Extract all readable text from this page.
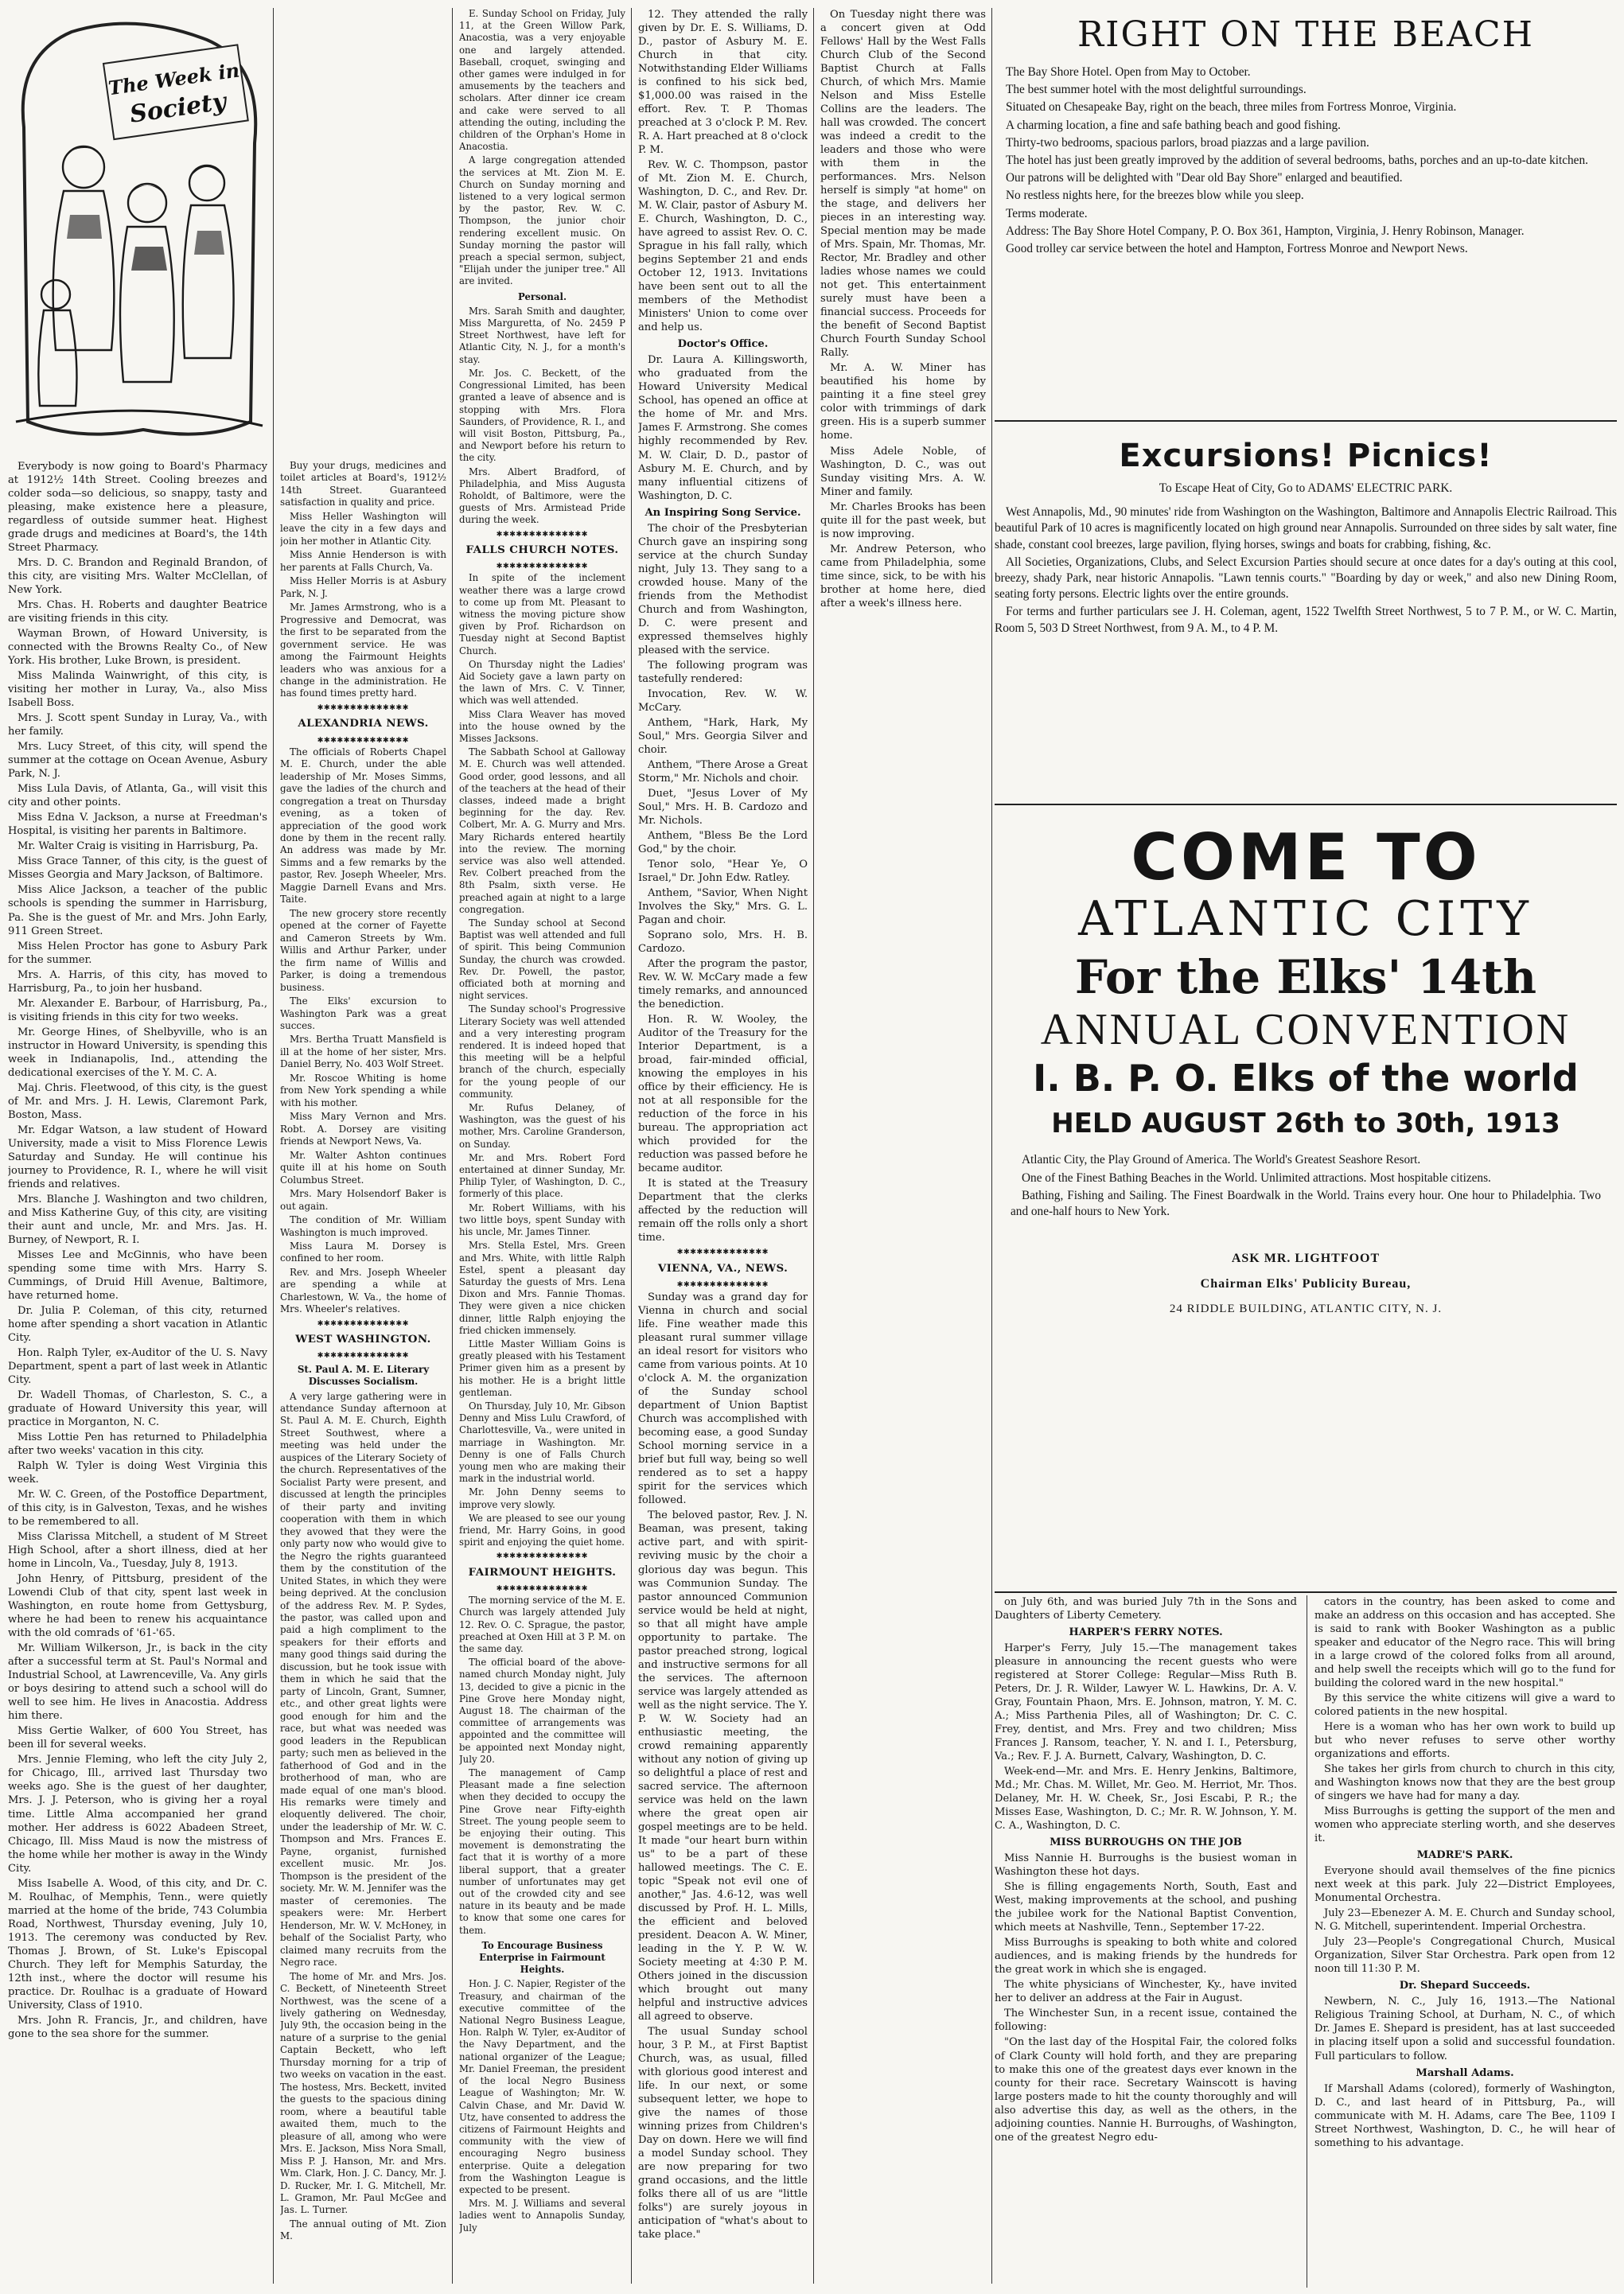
The Week in
Society

Everybody is now going to Board's Pharmacy at 1912½ 14th Street. Cooling breezes and colder soda—so delicious, so snappy, tasty and pleasing, make existence here a pleasure, regardless of outside summer heat. Highest grade drugs and medicines at Board's, the 14th Street Pharmacy.

Mrs. D. C. Brandon and Reginald Brandon, of this city, are visiting Mrs. Walter McClellan, of New York.

Mrs. Chas. H. Roberts and daughter Beatrice are visiting friends in this city.

Wayman Brown, of Howard University, is connected with the Browns Realty Co., of New York. His brother, Luke Brown, is president.

Miss Malinda Wainwright, of this city, is visiting her mother in Luray, Va., also Miss Isabell Boss.

Mrs. J. Scott spent Sunday in Luray, Va., with her family.

Mrs. Lucy Street, of this city, will spend the summer at the cottage on Ocean Avenue, Asbury Park, N. J.

Miss Lula Davis, of Atlanta, Ga., will visit this city and other points.

Miss Edna V. Jackson, a nurse at Freedman's Hospital, is visiting her parents in Baltimore.

Mr. Walter Craig is visiting in Harrisburg, Pa.

Miss Grace Tanner, of this city, is the guest of Misses Georgia and Mary Jackson, of Baltimore.

Miss Alice Jackson, a teacher of the public schools is spending the summer in Harrisburg, Pa. She is the guest of Mr. and Mrs. John Early, 911 Green Street.

Miss Helen Proctor has gone to Asbury Park for the summer.

Mrs. A. Harris, of this city, has moved to Harrisburg, Pa., to join her husband.

Mr. Alexander E. Barbour, of Harrisburg, Pa., is visiting friends in this city for two weeks.

Mr. George Hines, of Shelbyville, who is an instructor in Howard University, is spending this week in Indianapolis, Ind., attending the dedicational exercises of the Y. M. C. A.

Maj. Chris. Fleetwood, of this city, is the guest of Mr. and Mrs. J. H. Lewis, Claremont Park, Boston, Mass.

Mr. Edgar Watson, a law student of Howard University, made a visit to Miss Florence Lewis Saturday and Sunday. He will continue his journey to Providence, R. I., where he will visit friends and relatives.

Mrs. Blanche J. Washington and two children, and Miss Katherine Guy, of this city, are visiting their aunt and uncle, Mr. and Mrs. Jas. H. Burney, of Newport, R. I.

Misses Lee and McGinnis, who have been spending some time with Mrs. Harry S. Cummings, of Druid Hill Avenue, Baltimore, have returned home.

Dr. Julia P. Coleman, of this city, returned home after spending a short vacation in Atlantic City.

Hon. Ralph Tyler, ex-Auditor of the U. S. Navy Department, spent a part of last week in Atlantic City.

Dr. Wadell Thomas, of Charleston, S. C., a graduate of Howard University this year, will practice in Morganton, N. C.

Miss Lottie Pen has returned to Philadelphia after two weeks' vacation in this city.

Ralph W. Tyler is doing West Virginia this week.

Mr. W. C. Green, of the Postoffice Department, of this city, is in Galveston, Texas, and he wishes to be remembered to all.

Miss Clarissa Mitchell, a student of M Street High School, after a short illness, died at her home in Lincoln, Va., Tuesday, July 8, 1913.

John Henry, of Pittsburg, president of the Lowendi Club of that city, spent last week in Washington, en route home from Gettysburg, where he had been to renew his acquaintance with the old comrads of '61-'65.

Mr. William Wilkerson, Jr., is back in the city after a successful term at St. Paul's Normal and Industrial School, at Lawrenceville, Va. Any girls or boys desiring to attend such a school will do well to see him. He lives in Anacostia. Address him there.

Miss Gertie Walker, of 600 You Street, has been ill for several weeks.

Mrs. Jennie Fleming, who left the city July 2, for Chicago, Ill., arrived last Thursday two weeks ago. She is the guest of her daughter, Mrs. J. J. Peterson, who is giving her a royal time. Little Alma accompanied her grand mother. Her address is 6022 Abadeen Street, Chicago, Ill. Miss Maud is now the mistress of the home while her mother is away in the Windy City.

Miss Isabelle A. Wood, of this city, and Dr. C. M. Roulhac, of Memphis, Tenn., were quietly married at the home of the bride, 743 Columbia Road, Northwest, Thursday evening, July 10, 1913. The ceremony was conducted by Rev. Thomas J. Brown, of St. Luke's Episcopal Church. They left for Memphis Saturday, the 12th inst., where the doctor will resume his practice. Dr. Roulhac is a graduate of Howard University, Class of 1910.

Mrs. John R. Francis, Jr., and children, have gone to the sea shore for the summer.

Buy your drugs, medicines and toilet articles at Board's, 1912½ 14th Street. Guaranteed satisfaction in quality and price.

Miss Heller Washington will leave the city in a few days and join her mother in Atlantic City.

Miss Annie Henderson is with her parents at Falls Church, Va.

Miss Heller Morris is at Asbury Park, N. J.

Mr. James Armstrong, who is a Progressive and Democrat, was the first to be separated from the government service. He was among the Fairmount Heights leaders who was anxious for a change in the administration. He has found times pretty hard.

✱✱✱✱✱✱✱✱✱✱✱✱✱✱

ALEXANDRIA NEWS.

✱✱✱✱✱✱✱✱✱✱✱✱✱✱

The officials of Roberts Chapel M. E. Church, under the able leadership of Mr. Moses Simms, gave the ladies of the church and congregation a treat on Thursday evening, as a token of appreciation of the good work done by them in the recent rally. An address was made by Mr. Simms and a few remarks by the pastor, Rev. Joseph Wheeler, Mrs. Maggie Darnell Evans and Mrs. Taite.

The new grocery store recently opened at the corner of Fayette and Cameron Streets by Wm. Willis and Arthur Parker, under the firm name of Willis and Parker, is doing a tremendous business.

The Elks' excursion to Washington Park was a great succes.

Mrs. Bertha Truatt Mansfield is ill at the home of her sister, Mrs. Daniel Berry, No. 403 Wolf Street.

Mr. Roscoe Whiting is home from New York spending a while with his mother.

Miss Mary Vernon and Mrs. Robt. A. Dorsey are visiting friends at Newport News, Va.

Mr. Walter Ashton continues quite ill at his home on South Columbus Street.

Mrs. Mary Holsendorf Baker is out again.

The condition of Mr. William Washington is much improved.

Miss Laura M. Dorsey is confined to her room.

Rev. and Mrs. Joseph Wheeler are spending a while at Charlestown, W. Va., the home of Mrs. Wheeler's relatives.

✱✱✱✱✱✱✱✱✱✱✱✱✱✱

WEST WASHINGTON.

✱✱✱✱✱✱✱✱✱✱✱✱✱✱

St. Paul A. M. E. Literary Discusses Socialism.

A very large gathering were in attendance Sunday afternoon at St. Paul A. M. E. Church, Eighth Street Southwest, where a meeting was held under the auspices of the Literary Society of the church. Representatives of the Socialist Party were present, and discussed at length the principles of their party and inviting cooperation with them in which they avowed that they were the only party now who would give to the Negro the rights guaranteed them by the constitution of the United States, in which they were being deprived. At the conclusion of the address Rev. M. P. Sydes, the pastor, was called upon and paid a high compliment to the speakers for their efforts and many good things said during the discussion, but he took issue with them in which he said that the party of Lincoln, Grant, Sumner, etc., and other great lights were good enough for him and the race, but what was needed was good leaders in the Republican party; such men as believed in the fatherhood of God and in the brotherhood of man, who are made equal of one man's blood. His remarks were timely and eloquently delivered. The choir, under the leadership of Mr. W. C. Thompson and Mrs. Frances E. Payne, organist, furnished excellent music. Mr. Jos. Thompson is the president of the society. Mr. W. M. Jennifer was the master of ceremonies. The speakers were: Mr. Herbert Henderson, Mr. W. V. McHoney, in behalf of the Socialist Party, who claimed many recruits from the Negro race.

The home of Mr. and Mrs. Jos. C. Beckett, of Nineteenth Street Northwest, was the scene of a lively gathering on Wednesday, July 9th, the occasion being in the nature of a surprise to the genial Captain Beckett, who left Thursday morning for a trip of two weeks on vacation in the east. The hostess, Mrs. Beckett, invited the guests to the spacious dining room, where a beautiful table awaited them, much to the pleasure of all, among who were Mrs. E. Jackson, Miss Nora Small, Miss P. J. Hanson, Mr. and Mrs. Wm. Clark, Hon. J. C. Dancy, Mr. J. D. Rucker, Mr. I. G. Mitchell, Mr. L. Gramon, Mr. Paul McGee and Jas. L. Turner.

The annual outing of Mt. Zion M.

E. Sunday School on Friday, July 11, at the Green Willow Park, Anacostia, was a very enjoyable one and largely attended. Baseball, croquet, swinging and other games were indulged in for amusements by the teachers and scholars. After dinner ice cream and cake were served to all attending the outing, including the children of the Orphan's Home in Anacostia.

A large congregation attended the services at Mt. Zion M. E. Church on Sunday morning and listened to a very logical sermon by the pastor, Rev. W. C. Thompson, the junior choir rendering excellent music. On Sunday morning the pastor will preach a special sermon, subject, "Elijah under the juniper tree." All are invited.

Personal.

Mrs. Sarah Smith and daughter, Miss Marguretta, of No. 2459 P Street Northwest, have left for Atlantic City, N. J., for a month's stay.

Mr. Jos. C. Beckett, of the Congressional Limited, has been granted a leave of absence and is stopping with Mrs. Flora Saunders, of Providence, R. I., and will visit Boston, Pittsburg, Pa., and Newport before his return to the city.

Mrs. Albert Bradford, of Philadelphia, and Miss Augusta Roholdt, of Baltimore, were the guests of Mrs. Armistead Pride during the week.

✱✱✱✱✱✱✱✱✱✱✱✱✱✱

FALLS CHURCH NOTES.

✱✱✱✱✱✱✱✱✱✱✱✱✱✱

In spite of the inclement weather there was a large crowd to come up from Mt. Pleasant to witness the moving picture show given by Prof. Richardson on Tuesday night at Second Baptist Church.

On Thursday night the Ladies' Aid Society gave a lawn party on the lawn of Mrs. C. V. Tinner, which was well attended.

Miss Clara Weaver has moved into the house owned by the Misses Jacksons.

The Sabbath School at Galloway M. E. Church was well attended. Good order, good lessons, and all of the teachers at the head of their classes, indeed made a bright beginning for the day. Rev. Colbert, Mr. A. G. Murry and Mrs. Mary Richards entered heartily into the review. The morning service was also well attended. Rev. Colbert preached from the 8th Psalm, sixth verse. He preached again at night to a large congregation.

The Sunday school at Second Baptist was well attended and full of spirit. This being Communion Sunday, the church was crowded. Rev. Dr. Powell, the pastor, officiated both at morning and night services.

The Sunday school's Progressive Literary Society was well attended and a very interesting program rendered. It is indeed hoped that this meeting will be a helpful branch of the church, especially for the young people of our community.

Mr. Rufus Delaney, of Washington, was the guest of his mother, Mrs. Caroline Granderson, on Sunday.

Mr. and Mrs. Robert Ford entertained at dinner Sunday, Mr. Philip Tyler, of Washington, D. C., formerly of this place.

Mr. Robert Williams, with his two little boys, spent Sunday with his uncle, Mr. James Tinner.

Mrs. Stella Estel, Mrs. Green and Mrs. White, with little Ralph Estel, spent a pleasant day Saturday the guests of Mrs. Lena Dixon and Mrs. Fannie Thomas. They were given a nice chicken dinner, little Ralph enjoying the fried chicken immensely.

Little Master William Goins is greatly pleased with his Testament Primer given him as a present by his mother. He is a bright little gentleman.

On Thursday, July 10, Mr. Gibson Denny and Miss Lulu Crawford, of Charlottesville, Va., were united in marriage in Washington. Mr. Denny is one of Falls Church young men who are making their mark in the industrial world.

Mr. John Denny seems to improve very slowly.

We are pleased to see our young friend, Mr. Harry Goins, in good spirit and enjoying the quiet home.

✱✱✱✱✱✱✱✱✱✱✱✱✱✱

FAIRMOUNT HEIGHTS.

✱✱✱✱✱✱✱✱✱✱✱✱✱✱

The morning service of the M. E. Church was largely attended July 12. Rev. O. C. Sprague, the pastor, preached at Oxen Hill at 3 P. M. on the same day.

The official board of the above-named church Monday night, July 13, decided to give a picnic in the Pine Grove here Monday night, August 18. The chairman of the committee of arrangements was appointed and the committee will be appointed next Monday night, July 20.

The management of Camp Pleasant made a fine selection when they decided to occupy the Pine Grove near Fifty-eighth Street. The young people seem to be enjoying their outing. This movement is demonstrating the fact that it is worthy of a more liberal support, that a greater number of unfortunates may get out of the crowded city and see nature in its beauty and be made to know that some one cares for them.

To Encourage Business Enterprise in Fairmount Heights.

Hon. J. C. Napier, Register of the Treasury, and chairman of the executive committee of the National Negro Business League, Hon. Ralph W. Tyler, ex-Auditor of the Navy Department, and the national organizer of the League; Mr. Daniel Freeman, the president of the local Negro Business League of Washington; Mr. W. Calvin Chase, and Mr. David W. Utz, have consented to address the citizens of Fairmount Heights and community with the view of encouraging Negro business enterprise. Quite a delegation from the Washington League is expected to be present.

Mrs. M. J. Williams and several ladies went to Annapolis Sunday, July

12. They attended the rally given by Dr. E. S. Williams, D. D., pastor of Asbury M. E. Church in that city. Notwithstanding Elder Williams is confined to his sick bed, $1,000.00 was raised in the effort. Rev. T. P. Thomas preached at 3 o'clock P. M. Rev. R. A. Hart preached at 8 o'clock P. M.

Rev. W. C. Thompson, pastor of Mt. Zion M. E. Church, Washington, D. C., and Rev. Dr. M. W. Clair, pastor of Asbury M. E. Church, Washington, D. C., have agreed to assist Rev. O. C. Sprague in his fall rally, which begins September 21 and ends October 12, 1913. Invitations have been sent out to all the members of the Methodist Ministers' Union to come over and help us.

Doctor's Office.

Dr. Laura A. Killingsworth, who graduated from the Howard University Medical School, has opened an office at the home of Mr. and Mrs. James F. Armstrong. She comes highly recommended by Rev. M. W. Clair, D. D., pastor of Asbury M. E. Church, and by many influential citizens of Washington, D. C.

An Inspiring Song Service.

The choir of the Presbyterian Church gave an inspiring song service at the church Sunday night, July 13. They sang to a crowded house. Many of the friends from the Methodist Church and from Washington, D. C. were present and expressed themselves highly pleased with the service.

The following program was tastefully rendered:

Invocation, Rev. W. W. McCary.

Anthem, "Hark, Hark, My Soul," Mrs. Georgia Silver and choir.

Anthem, "There Arose a Great Storm," Mr. Nichols and choir.

Duet, "Jesus Lover of My Soul," Mrs. H. B. Cardozo and Mr. Nichols.

Anthem, "Bless Be the Lord God," by the choir.

Tenor solo, "Hear Ye, O Israel," Dr. John Edw. Ratley.

Anthem, "Savior, When Night Involves the Sky," Mrs. G. L. Pagan and choir.

Soprano solo, Mrs. H. B. Cardozo.

After the program the pastor, Rev. W. W. McCary made a few timely remarks, and announced the benediction.

Hon. R. W. Wooley, the Auditor of the Treasury for the Interior Department, is a broad, fair-minded official, knowing the employes in his office by their efficiency. He is not at all responsible for the reduction of the force in his bureau. The appropriation act which provided for the reduction was passed before he became auditor.

It is stated at the Treasury Department that the clerks affected by the reduction will remain off the rolls only a short time.

✱✱✱✱✱✱✱✱✱✱✱✱✱✱

VIENNA, VA., NEWS.

✱✱✱✱✱✱✱✱✱✱✱✱✱✱

Sunday was a grand day for Vienna in church and social life. Fine weather made this pleasant rural summer village an ideal resort for visitors who came from various points. At 10 o'clock A. M. the organization of the Sunday school department of Union Baptist Church was accomplished with becoming ease, a good Sunday School morning service in a brief but full way, being so well rendered as to set a happy spirit for the services which followed.

The beloved pastor, Rev. J. N. Beaman, was present, taking active part, and with spirit-reviving music by the choir a glorious day was begun. This was Communion Sunday. The pastor announced Communion service would be held at night, so that all might have ample opportunity to partake. The pastor preached strong, logical and instructive sermons for all the services. The afternoon service was largely attended as well as the night service. The Y. P. W. W. Society had an enthusiastic meeting, the crowd remaining apparently without any notion of giving up so delightful a place of rest and sacred service. The afternoon service was held on the lawn where the great open air gospel meetings are to be held. It made "our heart burn within us" to be a part of these hallowed meetings. The C. E. topic "Speak not evil one of another," Jas. 4.6-12, was well discussed by Prof. H. L. Mills, the efficient and beloved president. Deacon A. W. Miner, leading in the Y. P. W. W. Society meeting at 4:30 P. M. Others joined in the discussion which brought out many helpful and instructive advices all agreed to observe.

The usual Sunday school hour, 3 P. M., at First Baptist Church, was, as usual, filled with glorious good interest and life. In our next, or some subsequent letter, we hope to give the names of those winning prizes from Children's Day on down. Here we will find a model Sunday school. They are now preparing for two grand occasions, and the little folks there all of us are "little folks") are surely joyous in anticipation of "what's about to take place."

On Tuesday night there was a concert given at Odd Fellows' Hall by the West Falls Church Club of the Second Baptist Church at Falls Church, of which Mrs. Mamie Nelson and Miss Estelle Collins are the leaders. The hall was crowded. The concert was indeed a credit to the leaders and those who were with them in the performances. Mrs. Nelson herself is simply "at home" on the stage, and delivers her pieces in an interesting way. Special mention may be made of Mrs. Spain, Mr. Thomas, Mr. Rector, Mr. Bradley and other ladies whose names we could not get. This entertainment surely must have been a financial success. Proceeds for the benefit of Second Baptist Church Fourth Sunday School Rally.

Mr. A. W. Miner has beautified his home by painting it a fine steel grey color with trimmings of dark green. His is a superb summer home.

Miss Adele Noble, of Washington, D. C., was out Sunday visiting Mrs. A. W. Miner and family.

Mr. Charles Brooks has been quite ill for the past week, but is now improving.

Mr. Andrew Peterson, who came from Philadelphia, some time since, sick, to be with his brother at home here, died after a week's illness here.

RIGHT ON THE BEACH

The Bay Shore Hotel. Open from May to October.

The best summer hotel with the most delightful surroundings.

Situated on Chesapeake Bay, right on the beach, three miles from Fortress Monroe, Virginia.

A charming location, a fine and safe bathing beach and good fishing.

Thirty-two bedrooms, spacious parlors, broad piazzas and a large pavilion.

The hotel has just been greatly improved by the addition of several bedrooms, baths, porches and an up-to-date kitchen.

Our patrons will be delighted with "Dear old Bay Shore" enlarged and beautified.

No restless nights here, for the breezes blow while you sleep.

Terms moderate.

Address: The Bay Shore Hotel Company, P. O. Box 361, Hampton, Virginia, J. Henry Robinson, Manager.

Good trolley car service between the hotel and Hampton, Fortress Monroe and Newport News.

Excursions! Picnics!

To Escape Heat of City, Go to ADAMS' ELECTRIC PARK.

West Annapolis, Md., 90 minutes' ride from Washington on the Washington, Baltimore and Annapolis Electric Railroad. This beautiful Park of 10 acres is magnificently located on high ground near Annapolis. Surrounded on three sides by salt water, fine shade, constant cool breezes, large pavilion, flying horses, swings and boats for crabbing, fishing, &c.

All Societies, Organizations, Clubs, and Select Excursion Parties should secure at once dates for a day's outing at this cool, breezy, shady Park, near historic Annapolis. "Lawn tennis courts." "Boarding by day or week," and also new Dining Room, seating forty persons. Electric lights over the entire grounds.

For terms and further particulars see J. H. Coleman, agent, 1522 Twelfth Street Northwest, 5 to 7 P. M., or W. C. Martin, Room 5, 503 D Street Northwest, from 9 A. M., to 4 P. M.

COME TO
ATLANTIC CITY
For the Elks' 14th
ANNUAL CONVENTION
I. B. P. O. Elks of the world
HELD AUGUST 26th to 30th, 1913

Atlantic City, the Play Ground of America. The World's Greatest Seashore Resort.

One of the Finest Bathing Beaches in the World. Unlimited attractions. Most hospitable citizens.

Bathing, Fishing and Sailing. The Finest Boardwalk in the World. Trains every hour. One hour to Philadelphia. Two and one-half hours to New York.

ASK MR. LIGHTFOOT
Chairman Elks' Publicity Bureau,
24 RIDDLE BUILDING, ATLANTIC CITY, N. J.

on July 6th, and was buried July 7th in the Sons and Daughters of Liberty Cemetery.

HARPER'S FERRY NOTES.

Harper's Ferry, July 15.—The management takes pleasure in announcing the recent guests who were registered at Storer College: Regular—Miss Ruth B. Peters, Dr. J. R. Wilder, Lawyer W. L. Hawkins, Dr. A. V. Gray, Fountain Phaon, Mrs. E. Johnson, matron, Y. M. C. A.; Miss Parthenia Piles, all of Washington; Dr. C. C. Frey, dentist, and Mrs. Frey and two children; Miss Frances J. Ransom, teacher, Y. N. and I. I., Petersburg, Va.; Rev. F. J. A. Burnett, Calvary, Washington, D. C.

Week-end—Mr. and Mrs. E. Henry Jenkins, Baltimore, Md.; Mr. Chas. M. Willet, Mr. Geo. M. Herriot, Mr. Thos. Delaney, Mr. H. W. Cheek, Sr., Josi Escabi, P. R.; the Misses Ease, Washington, D. C.; Mr. R. W. Johnson, Y. M. C. A., Washington, D. C.

MISS BURROUGHS ON THE JOB

Miss Nannie H. Burroughs is the busiest woman in Washington these hot days.

She is filling engagements North, South, East and West, making improvements at the school, and pushing the jubilee work for the National Baptist Convention, which meets at Nashville, Tenn., September 17-22.

Miss Burroughs is speaking to both white and colored audiences, and is making friends by the hundreds for the great work in which she is engaged.

The white physicians of Winchester, Ky., have invited her to deliver an address at the Fair in August.

The Winchester Sun, in a recent issue, contained the following:

"On the last day of the Hospital Fair, the colored folks of Clark County will hold forth, and they are preparing to make this one of the greatest days ever known in the county for their race. Secretary Wainscott is having large posters made to hit the county thoroughly and will also advertise this day, as well as the others, in the adjoining counties. Nannie H. Burroughs, of Washington, one of the greatest Negro edu-

cators in the country, has been asked to come and make an address on this occasion and has accepted. She is said to rank with Booker Washington as a public speaker and educator of the Negro race. This will bring in a large crowd of the colored folks from all around, and help swell the receipts which will go to the fund for building the colored ward in the new hospital."

By this service the white citizens will give a ward to colored patients in the new hospital.

Here is a woman who has her own work to build up but who never refuses to serve other worthy organizations and efforts.

She takes her girls from church to church in this city, and Washington knows now that they are the best group of singers we have had for many a day.

Miss Burroughs is getting the support of the men and women who appreciate sterling worth, and she deserves it.

MADRE'S PARK.

Everyone should avail themselves of the fine picnics next week at this park. July 22—District Employees, Monumental Orchestra.

July 23—Ebenezer A. M. E. Church and Sunday school, N. G. Mitchell, superintendent. Imperial Orchestra.

July 23—People's Congregational Church, Musical Organization, Silver Star Orchestra. Park open from 12 noon till 11:30 P. M.

Dr. Shepard Succeeds.

Newbern, N. C., July 16, 1913.—The National Religious Training School, at Durham, N. C., of which Dr. James E. Shepard is president, has at last succeeded in placing itself upon a solid and successful foundation. Full particulars to follow.

Marshall Adams.

If Marshall Adams (colored), formerly of Washington, D. C., and last heard of in Pittsburg, Pa., will communicate with M. H. Adams, care The Bee, 1109 I Street Northwest, Washington, D. C., he will hear of something to his advantage.
